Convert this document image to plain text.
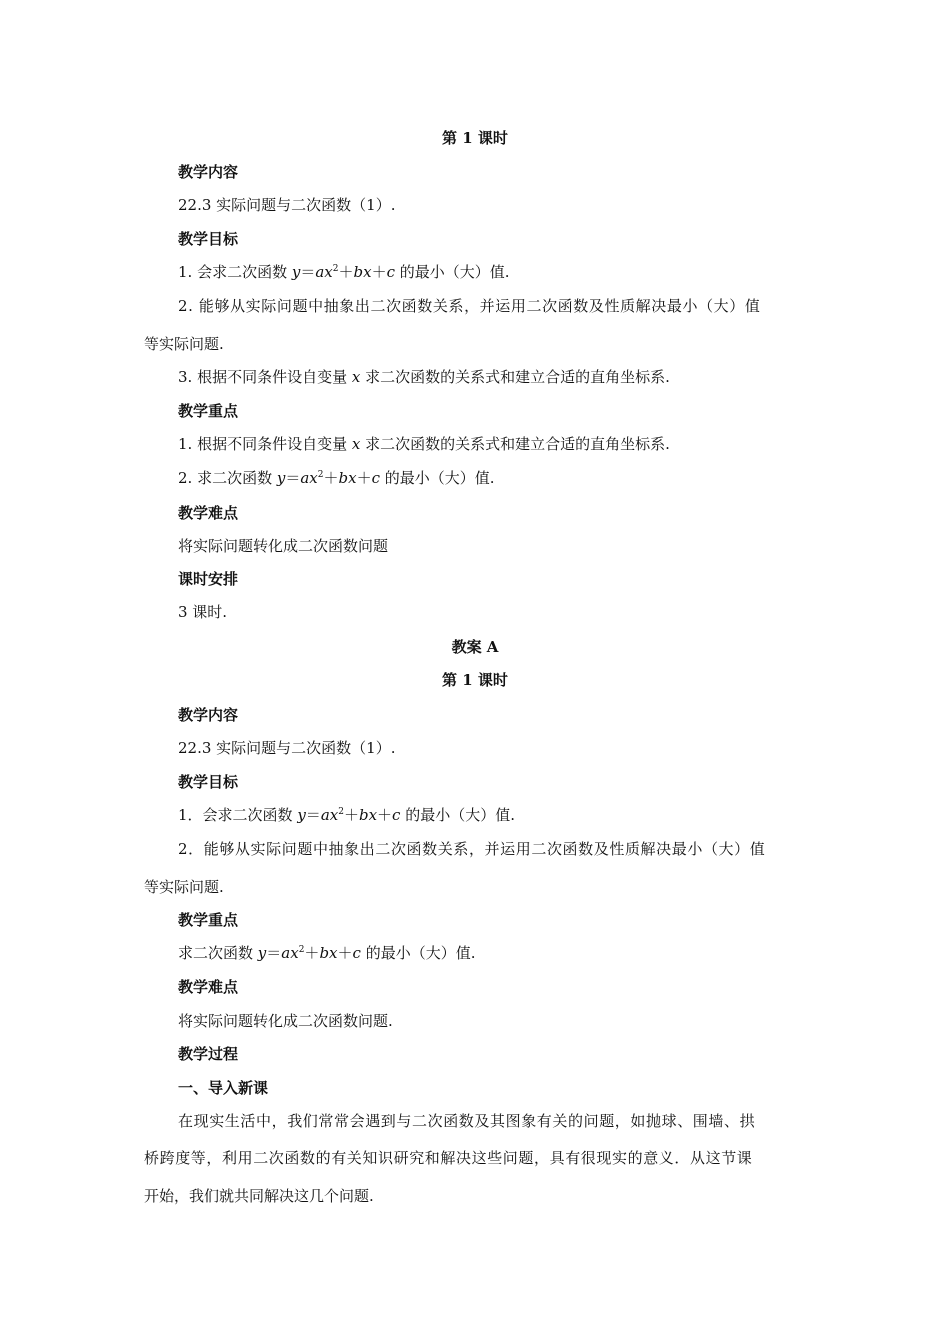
第 1 课时
教学内容
22.3 实际问题与二次函数（1）.
教学目标
1. 会求二次函数 $y=ax^2+bx+c$ 的最小（大）值.
2. 能够从实际问题中抽象出二次函数关系，并运用二次函数及性质解决最小（大）值
等实际问题.
3. 根据不同条件设自变量 x 求二次函数的关系式和建立合适的直角坐标系.
教学重点
1. 根据不同条件设自变量 x 求二次函数的关系式和建立合适的直角坐标系.
2. 求二次函数 $y=ax^2+bx+c$ 的最小（大）值.
教学难点
将实际问题转化成二次函数问题
课时安排
3 课时.
教案 A
第 1 课时
教学内容
22.3 实际问题与二次函数（1）.
教学目标
1．会求二次函数 $y=ax^2+bx+c$ 的最小（大）值.
2．能够从实际问题中抽象出二次函数关系，并运用二次函数及性质解决最小（大）值
等实际问题.
教学重点
求二次函数 $y=ax^2+bx+c$ 的最小（大）值.
教学难点
将实际问题转化成二次函数问题.
教学过程
一、导入新课
在现实生活中，我们常常会遇到与二次函数及其图象有关的问题，如抛球、围墙、拱
桥跨度等，利用二次函数的有关知识研究和解决这些问题，具有很现实的意义．从这节课
开始，我们就共同解决这几个问题.
